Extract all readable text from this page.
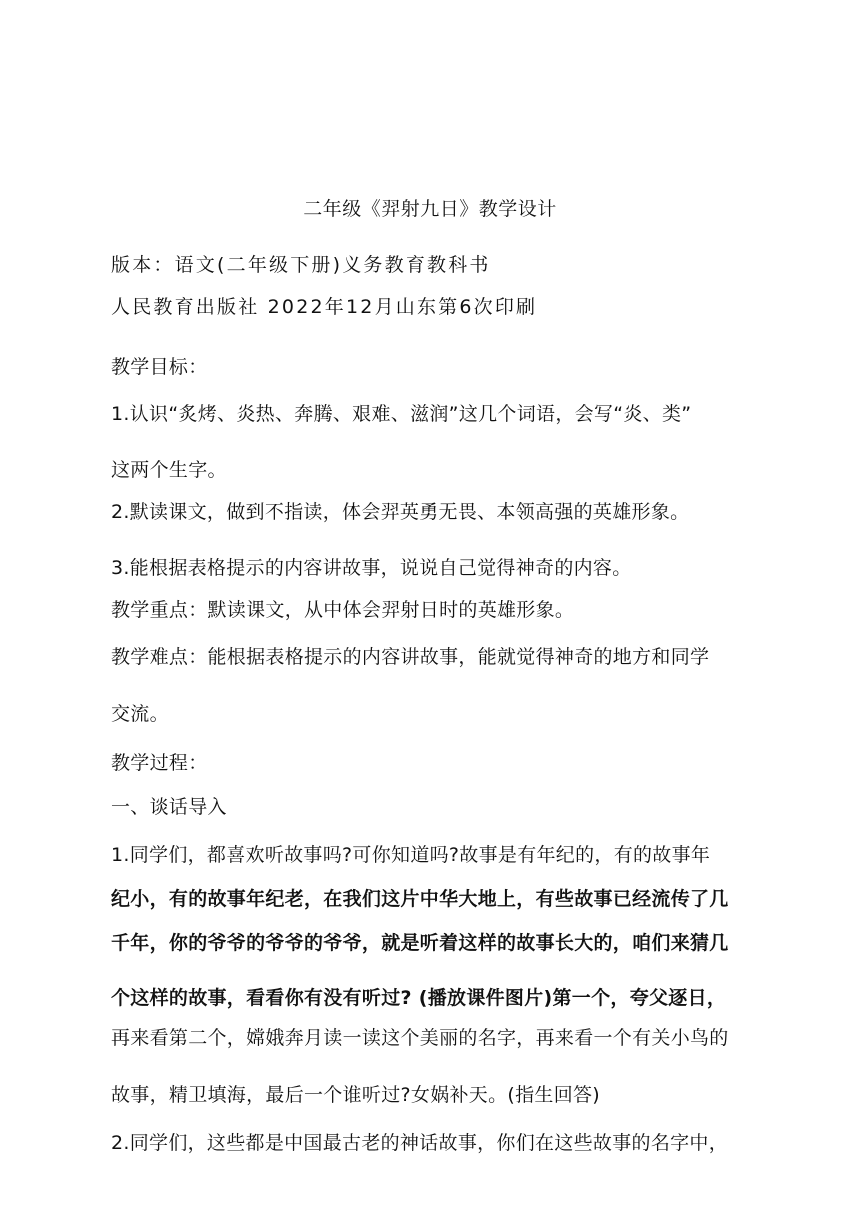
二年级《羿射九日》教学设计
版本：语文(二年级下册)义务教育教科书
人民教育出版社 2022年12月山东第6次印刷
教学目标：
1.认识“炙烤、炎热、奔腾、艰难、滋润”这几个词语，会写“炎、类”
这两个生字。
2.默读课文，做到不指读，体会羿英勇无畏、本领高强的英雄形象。
3.能根据表格提示的内容讲故事，说说自己觉得神奇的内容。
教学重点：默读课文，从中体会羿射日时的英雄形象。
教学难点：能根据表格提示的内容讲故事，能就觉得神奇的地方和同学
交流。
教学过程：
一、谈话导入
1.同学们，都喜欢听故事吗?可你知道吗?故事是有年纪的，有的故事年
纪小，有的故事年纪老，在我们这片中华大地上，有些故事已经流传了几
千年，你的爷爷的爷爷的爷爷，就是听着这样的故事长大的，咱们来猜几
个这样的故事，看看你有没有听过? (播放课件图片)第一个，夸父逐日，
再来看第二个，嫦娥奔月读一读这个美丽的名字，再来看一个有关小鸟的
故事，精卫填海，最后一个谁听过?女娲补天。(指生回答)
2.同学们，这些都是中国最古老的神话故事，你们在这些故事的名字中，
